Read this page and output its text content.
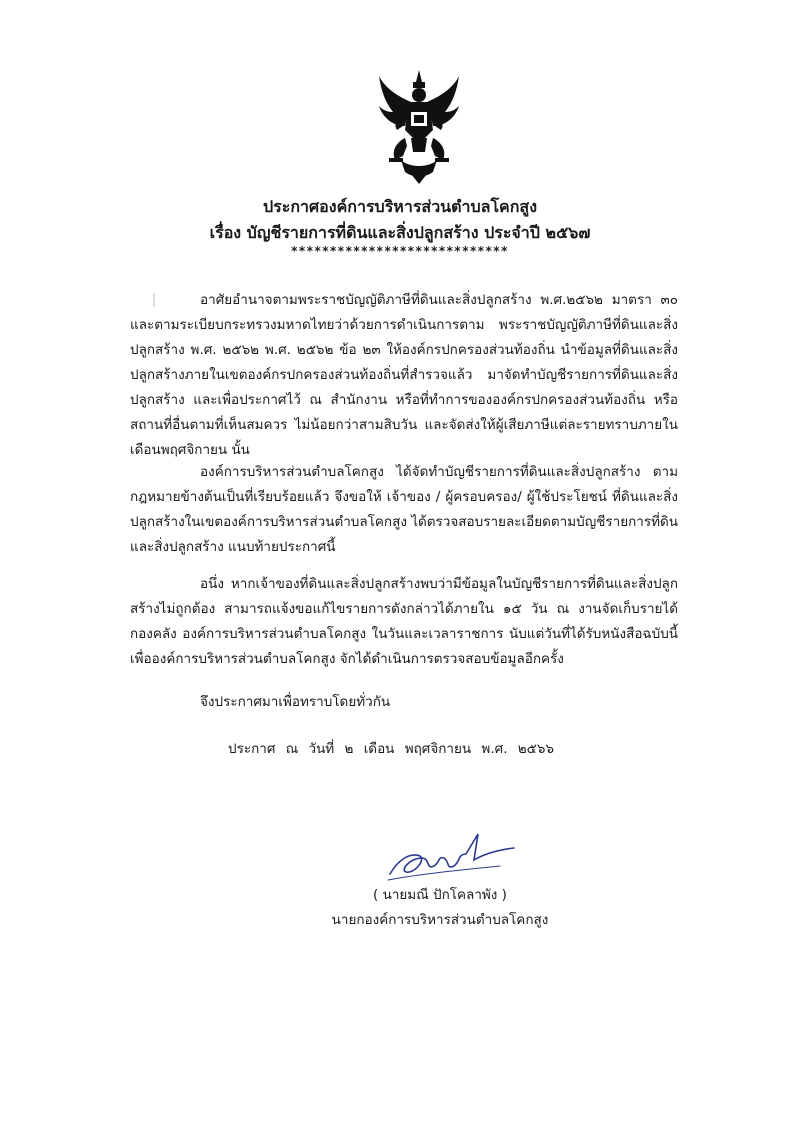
ประกาศองค์การบริหารส่วนตำบลโคกสูง
เรื่อง บัญชีรายการที่ดินและสิ่งปลูกสร้าง ประจำปี ๒๕๖๗
****************************
อาศัยอำนาจตามพระราชบัญญัติภาษีที่ดินและสิ่งปลูกสร้าง พ.ศ.๒๕๖๒ มาตรา ๓๐ และตามระเบียบกระทรวงมหาดไทยว่าด้วยการดำเนินการตาม พระราชบัญญัติภาษีที่ดินและสิ่งปลูกสร้าง พ.ศ. ๒๕๖๒ พ.ศ. ๒๕๖๒ ข้อ ๒๓ ให้องค์กรปกครองส่วนท้องถิ่น นำข้อมูลที่ดินและสิ่งปลูกสร้างภายในเขตองค์กรปกครองส่วนท้องถิ่นที่สำรวจแล้ว มาจัดทำบัญชีรายการที่ดินและสิ่งปลูกสร้าง และเพื่อประกาศไว้ ณ สำนักงาน หรือที่ทำการขององค์กรปกครองส่วนท้องถิ่น หรือสถานที่อื่นตามที่เห็นสมควร ไม่น้อยกว่าสามสิบวัน และจัดส่งให้ผู้เสียภาษีแต่ละรายทราบภายในเดือนพฤศจิกายน นั้น
องค์การบริหารส่วนตำบลโคกสูง ได้จัดทำบัญชีรายการที่ดินและสิ่งปลูกสร้าง ตามกฎหมายข้างต้นเป็นที่เรียบร้อยแล้ว จึงขอให้ เจ้าของ / ผู้ครอบครอง/ ผู้ใช้ประโยชน์ ที่ดินและสิ่งปลูกสร้างในเขตองค์การบริหารส่วนตำบลโคกสูง ได้ตรวจสอบรายละเอียดตามบัญชีรายการที่ดินและสิ่งปลูกสร้าง แนบท้ายประกาศนี้
อนึ่ง หากเจ้าของที่ดินและสิ่งปลูกสร้างพบว่ามีข้อมูลในบัญชีรายการที่ดินและสิ่งปลูกสร้างไม่ถูกต้อง สามารถแจ้งขอแก้ไขรายการดังกล่าวได้ภายใน ๑๕ วัน ณ งานจัดเก็บรายได้ กองคลัง องค์การบริหารส่วนตำบลโคกสูง ในวันและเวลาราชการ นับแต่วันที่ได้รับหนังสือฉบับนี้ เพื่อองค์การบริหารส่วนตำบลโคกสูง จักได้ดำเนินการตรวจสอบข้อมูลอีกครั้ง
จึงประกาศมาเพื่อทราบโดยทั่วกัน
ประกาศ ณ วันที่ ๒ เดือน พฤศจิกายน พ.ศ. ๒๕๖๖
( นายมณี ปักโคลาพัง )
นายกองค์การบริหารส่วนตำบลโคกสูง
